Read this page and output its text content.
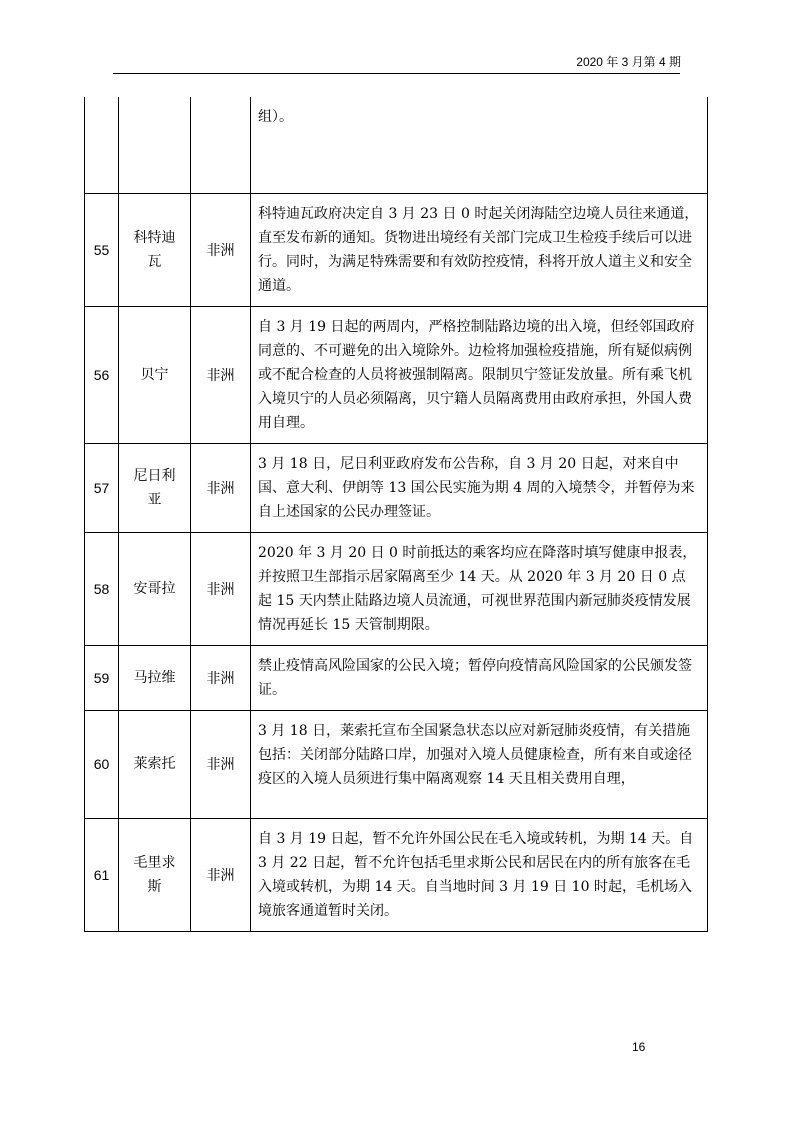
2020 年 3 月第 4 期
			组）。
55	科特迪瓦	非洲	科特迪瓦政府决定自 3 月 23 日 0 时起关闭海陆空边境人员往来通道，直至发布新的通知。货物进出境经有关部门完成卫生检疫手续后可以进行。同时，为满足特殊需要和有效防控疫情，科将开放人道主义和安全通道。
56	贝宁	非洲	自 3 月 19 日起的两周内，严格控制陆路边境的出入境，但经邻国政府同意的、不可避免的出入境除外。边检将加强检疫措施，所有疑似病例或不配合检查的人员将被强制隔离。限制贝宁签证发放量。所有乘飞机入境贝宁的人员必须隔离，贝宁籍人员隔离费用由政府承担，外国人费用自理。
57	尼日利亚	非洲	3 月 18 日，尼日利亚政府发布公告称，自 3 月 20 日起，对来自中国、意大利、伊朗等 13 国公民实施为期 4 周的入境禁令，并暂停为来自上述国家的公民办理签证。
58	安哥拉	非洲	2020 年 3 月 20 日 0 时前抵达的乘客均应在降落时填写健康申报表，并按照卫生部指示居家隔离至少 14 天。从 2020 年 3 月 20 日 0 点起 15 天内禁止陆路边境人员流通，可视世界范围内新冠肺炎疫情发展情况再延长 15 天管制期限。
59	马拉维	非洲	禁止疫情高风险国家的公民入境；暂停向疫情高风险国家的公民颁发签证。
60	莱索托	非洲	3 月 18 日，莱索托宣布全国紧急状态以应对新冠肺炎疫情，有关措施包括：关闭部分陆路口岸，加强对入境人员健康检查，所有来自或途径疫区的入境人员须进行集中隔离观察 14 天且相关费用自理，
61	毛里求斯	非洲	自 3 月 19 日起，暂不允许外国公民在毛入境或转机，为期 14 天。自 3 月 22 日起，暂不允许包括毛里求斯公民和居民在内的所有旅客在毛入境或转机，为期 14 天。自当地时间 3 月 19 日 10 时起，毛机场入境旅客通道暂时关闭。
16
